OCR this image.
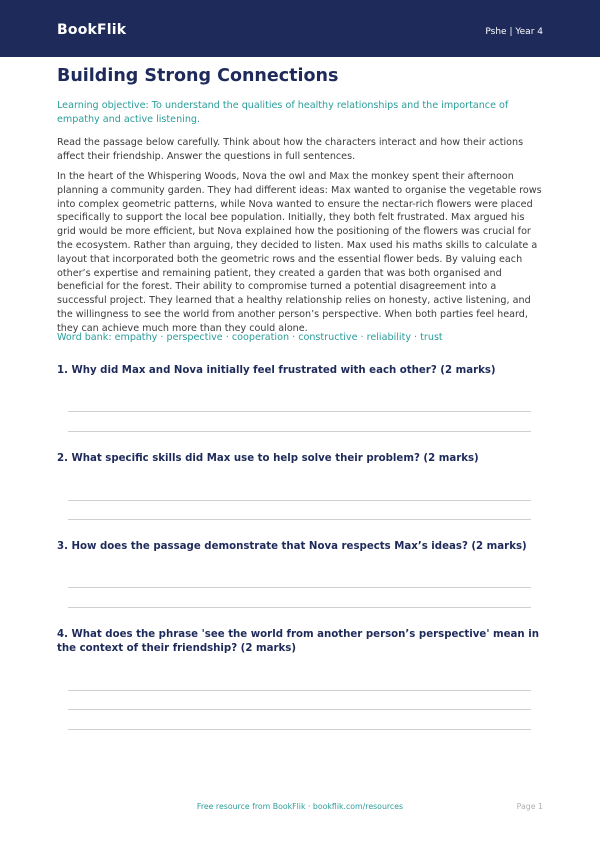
BookFlik	Pshe | Year 4
Building Strong Connections

Learning objective: To understand the qualities of healthy relationships and the importance of empathy and active listening.

Read the passage below carefully. Think about how the characters interact and how their actions affect their friendship. Answer the questions in full sentences.

In the heart of the Whispering Woods, Nova the owl and Max the monkey spent their afternoon planning a community garden. They had different ideas: Max wanted to organise the vegetable rows into complex geometric patterns, while Nova wanted to ensure the nectar-rich flowers were placed specifically to support the local bee population. Initially, they both felt frustrated. Max argued his grid would be more efficient, but Nova explained how the positioning of the flowers was crucial for the ecosystem. Rather than arguing, they decided to listen. Max used his maths skills to calculate a layout that incorporated both the geometric rows and the essential flower beds. By valuing each other’s expertise and remaining patient, they created a garden that was both organised and beneficial for the forest. Their ability to compromise turned a potential disagreement into a successful project. They learned that a healthy relationship relies on honesty, active listening, and the willingness to see the world from another person’s perspective. When both parties feel heard, they can achieve much more than they could alone.

Word bank: empathy · perspective · cooperation · constructive · reliability · trust

1. Why did Max and Nova initially feel frustrated with each other? (2 marks)

2. What specific skills did Max use to help solve their problem? (2 marks)

3. How does the passage demonstrate that Nova respects Max’s ideas? (2 marks)

4. What does the phrase 'see the world from another person’s perspective' mean in the context of their friendship? (2 marks)

Free resource from BookFlik · bookflik.com/resources	Page 1
